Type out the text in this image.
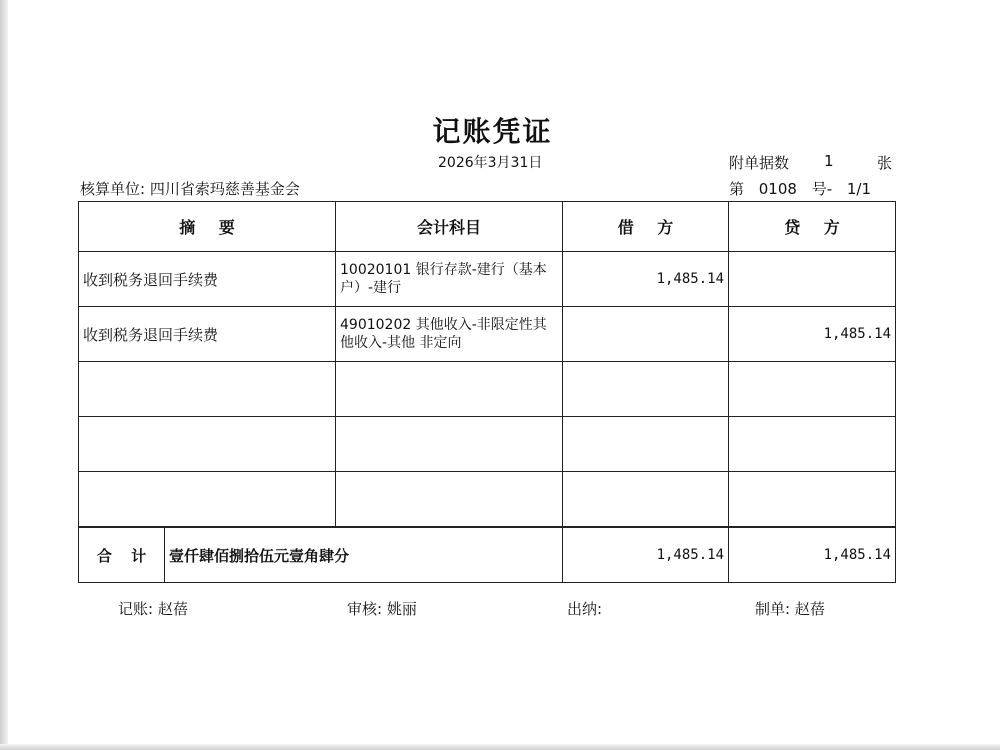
记账凭证
2026年3月31日	附单据数 1	张
核算单位: 四川省索玛慈善基金会	第 0108 号- 1/1
摘 要		会计科目	借 方	贷 方
收到税务退回手续费		10020101 银行存款-建行（基本户）-建行	1,485.14	
收到税务退回手续费		49010202 其他收入-非限定性其他收入-其他 非定向		1,485.14

合 计	壹仟肆佰捌拾伍元壹角肆分		1,485.14	1,485.14
记账: 赵蓓	审核: 姚丽	出纳:	制单: 赵蓓
